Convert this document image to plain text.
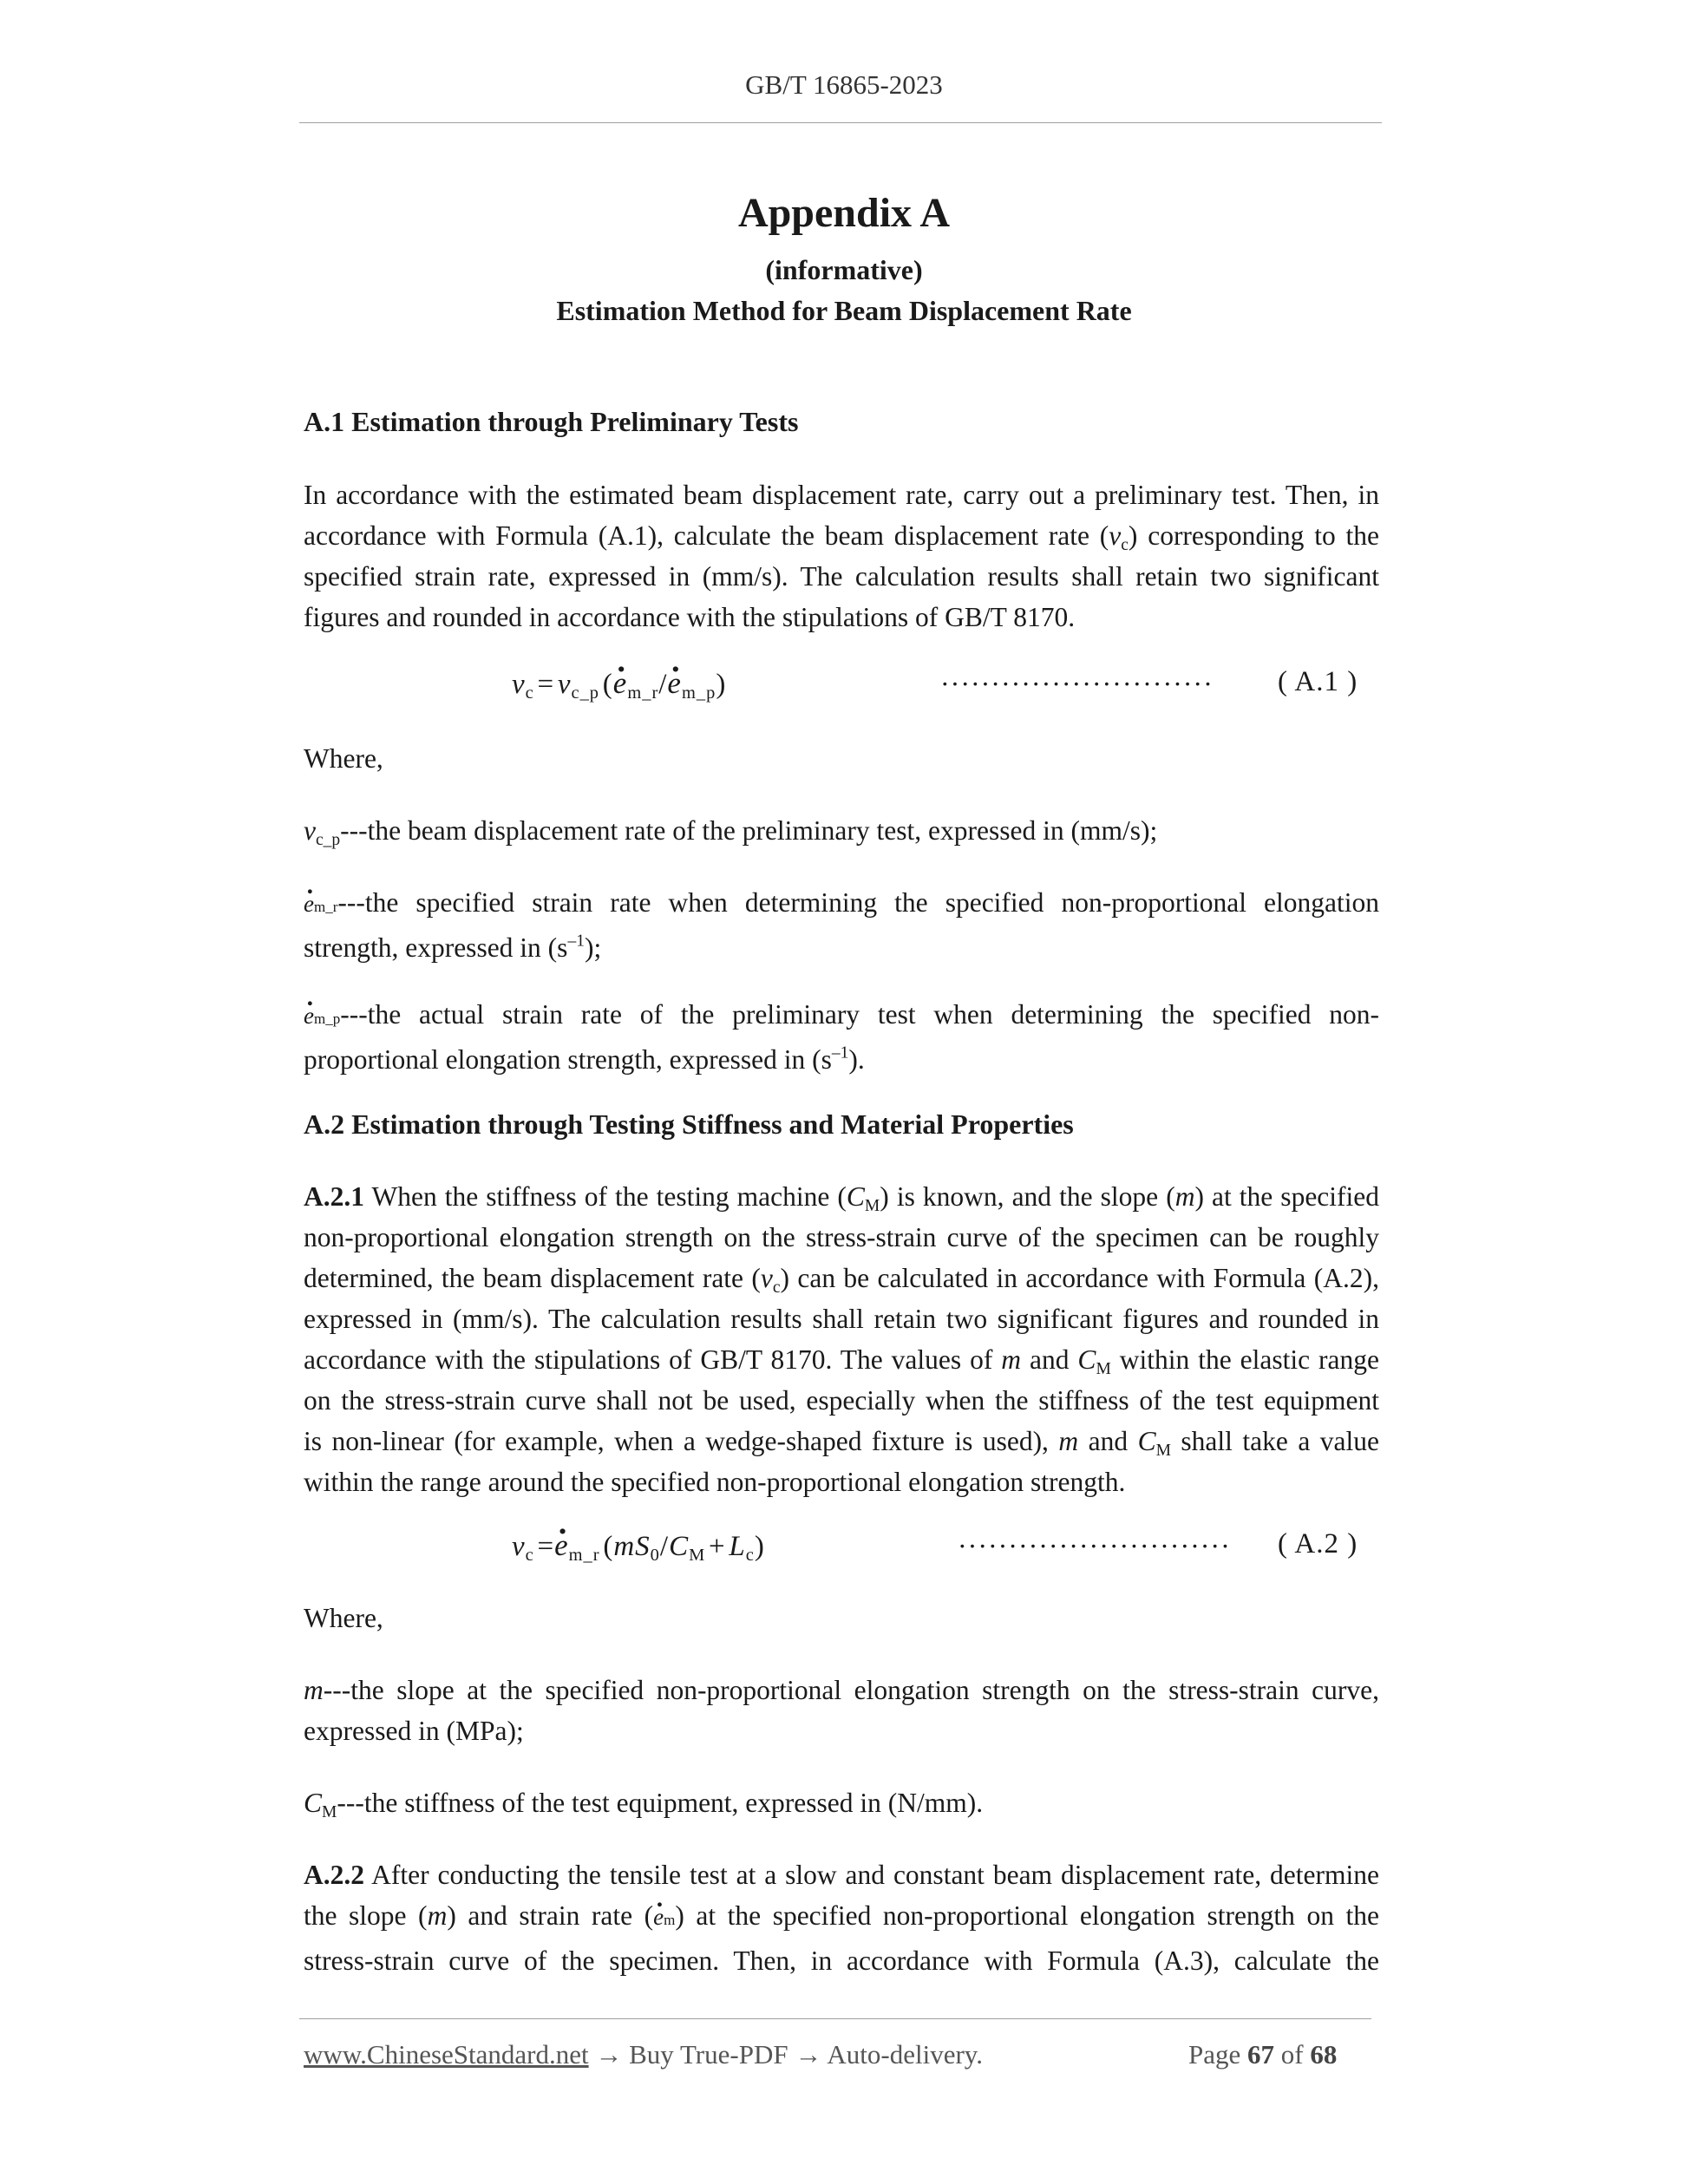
GB/T 16865-2023
Appendix A
(informative)
Estimation Method for Beam Displacement Rate
A.1 Estimation through Preliminary Tests
In accordance with the estimated beam displacement rate, carry out a preliminary test. Then, in
accordance with Formula (A.1), calculate the beam displacement rate $(v_c)$ corresponding to the
specified strain rate, expressed in (mm/s). The calculation results shall retain two significant
figures and rounded in accordance with the stipulations of GB/T 8170.
$v_c$ = $v_{c\_p}$ (. $e_{m\_r}/$. $e_{m\_p}$)	··························· ( A.1 )
Where,
$v_{c\_p}--$-the beam displacement rate of the preliminary test, expressed in (mm/s);
. em_r---the specified strain rate when determining the specified non-proportional elongation
strength, expressed in $(s^{-1})$;
. em_p---the actual strain rate of the preliminary test when determining the specified non-
proportional elongation strength, expressed in $(s^{-1})$.
A.2 Estimation through Testing Stiffness and Material Properties
A.2.1 When the stiffness of the testing machine $(C_M)$ is known, and the slope (m) at the specified
non-proportional elongation strength on the stress-strain curve of the specimen can be roughly
determined, the beam displacement rate $(v_c)$ can be calculated in accordance with Formula (A.2),
expressed in (mm/s). The calculation results shall retain two significant figures and rounded in
accordance with the stipulations of GB/T 8170. The values of m and $C_M$ within the elastic range
on the stress-strain curve shall not be used, especially when the stiffness of the test equipment
is non-linear (for example, when a wedge-shaped fixture is used), m and $C_M$ shall take a value
within the range around the specified non-proportional elongation strength.
$v_c$ =. $e_{m\_r}$ ($mS_0/C_M$ + $L_c$)	··························· ( A.2 )
Where,
m---the slope at the specified non-proportional elongation strength on the stress-strain curve,
expressed in (MPa);
$C_M--$-the stiffness of the test equipment, expressed in (N/mm).
A.2.2 After conducting the tensile test at a slow and constant beam displacement rate, determine
the slope (m) and strain rate (. em) at the specified non-proportional elongation strength on the
stress-strain curve of the specimen. Then, in accordance with Formula (A.3), calculate the
www.ChineseStandard.net → Buy True-PDF → Auto-delivery.	Page 67 of 68
